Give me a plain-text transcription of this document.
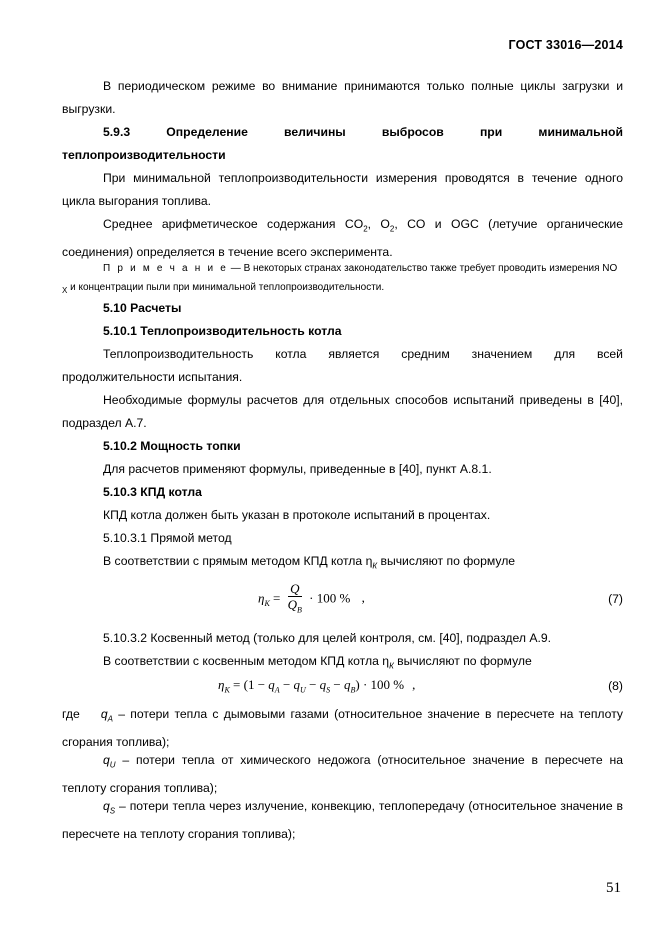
ГОСТ 33016—2014
В периодическом режиме во внимание принимаются только полные циклы загрузки и выгрузки.
5.9.3	Определение	величины	выбросов	при	минимальной
теплопроизводительности
При минимальной теплопроизводительности измерения проводятся в течение одного цикла выгорания топлива.
Среднее арифметическое содержания $CO_2$, $O_2$, CO и OGC (летучие органические соединения) определяется в течение всего эксперимента.
П р и м е ч а н и е — В некоторых странах законодательство также требует проводить измерения NO
$_X$ и концентрации пыли при минимальной теплопроизводительности.
5.10 Расчеты
5.10.1 Теплопроизводительность котла
Теплопроизводительность котла является средним значением для всей продолжительности испытания.
Необходимые формулы расчетов для отдельных способов испытаний приведены в [40], подраздел А.7.
5.10.2 Мощность топки
Для расчетов применяют формулы, приведенные в [40], пункт А.8.1.
5.10.3 КПД котла
КПД котла должен быть указан в протоколе испытаний в процентах.
5.10.3.1 Прямой метод
В соответствии с прямым методом КПД котла $\eta_К$ вычисляют по формуле
$\eta_K = \frac{Q}{Q_B} \cdot 100$ % ,	(7)
5.10.3.2 Косвенный метод (только для целей контроля, см. [40], подраздел А.9.
В соответствии с косвенным методом КПД котла $\eta_К$ вычисляют по формуле
$\eta_K = (1 - q_A - q_U - q_S - q_B) \cdot 100$ % ,	(8)
где $q_A$ – потери тепла с дымовыми газами (относительное значение в пересчете на теплоту сгорания топлива);
$q_U$ – потери тепла от химического недожога (относительное значение в пересчете на теплоту сгорания топлива);
$q_S$ – потери тепла через излучение, конвекцию, теплопередачу (относительное значение в пересчете на теплоту сгорания топлива);
51
